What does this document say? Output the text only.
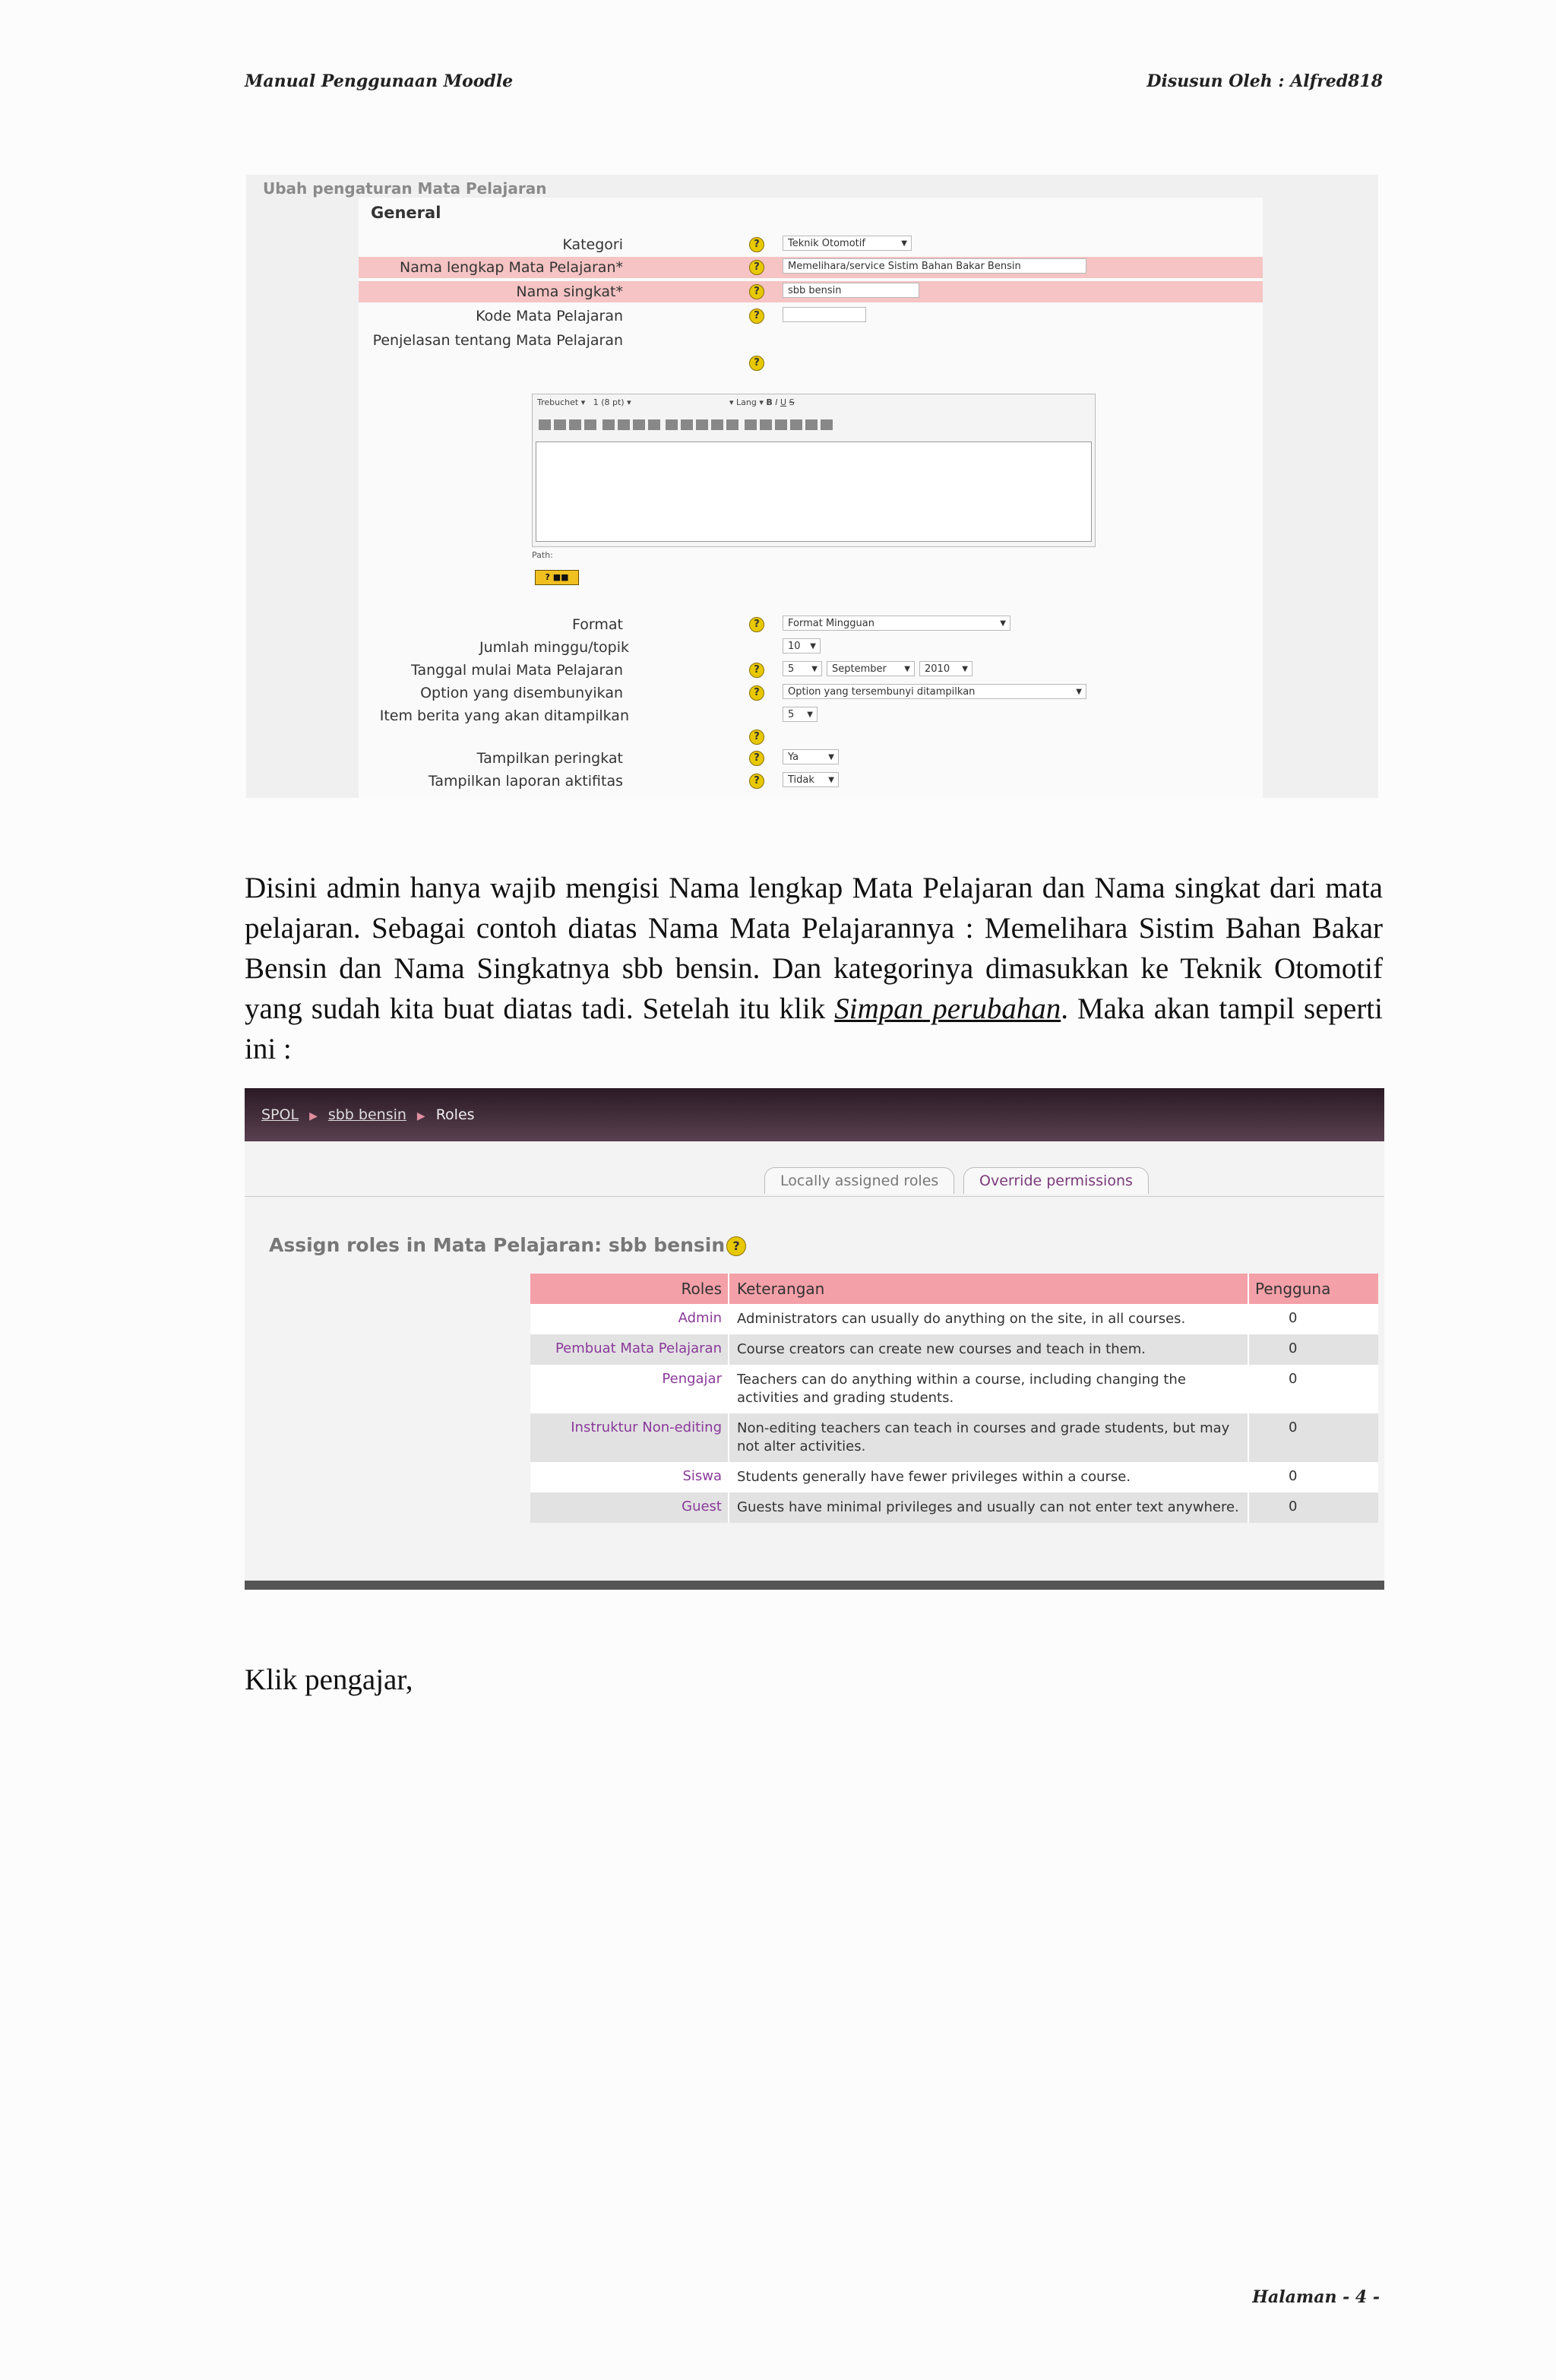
Manual Penggunaan Moodle	Disusun Oleh : Alfred818
Ubah pengaturan Mata Pelajaran
General
Kategori	?	Teknik Otomotif	▼
Nama lengkap Mata Pelajaran*	?	Memelihara/service Sistim Bahan Bakar Bensin
Nama singkat*	?	sbb bensin
Kode Mata Pelajaran	?
Penjelasan tentang Mata Pelajaran
?
Trebuchet ▾   1 (8 pt) ▾                                     ▾ Lang ▾ B I U S

Path:
? ■■
Format	?	Format Mingguan	▼
Jumlah minggu/topik	10 ▼
Tanggal mulai Mata Pelajaran	?	5 ▼	September ▼	2010 ▼
Option yang disembunyikan	?	Option yang tersembunyi ditampilkan	▼
Item berita yang akan ditampilkan	5 ▼
?
Tampilkan peringkat	?	Ya	▼
Tampilkan laporan aktifitas	?	Tidak ▼
Disini admin hanya wajib mengisi Nama lengkap Mata Pelajaran dan Nama singkat dari mata pelajaran. Sebagai contoh diatas Nama Mata Pelajarannya : Memelihara Sistim Bahan Bakar Bensin dan Nama Singkatnya sbb bensin. Dan kategorinya dimasukkan ke Teknik Otomotif yang sudah kita buat diatas tadi. Setelah itu klik Simpan perubahan. Maka akan tampil seperti ini :
SPOL ▶ sbb bensin ▶ Roles
Locally assigned roles	Override permissions
Assign roles in Mata Pelajaran: sbb bensin ?
Roles	Keterangan	Pengguna
Admin	Administrators can usually do anything on the site, in all courses.	0
Pembuat Mata Pelajaran	Course creators can create new courses and teach in them.	0
Pengajar	Teachers can do anything within a course, including changing the activities and grading students.	0
Instruktur Non-editing	Non-editing teachers can teach in courses and grade students, but may not alter activities.	0
Siswa	Students generally have fewer privileges within a course.	0
Guest	Guests have minimal privileges and usually can not enter text anywhere.	0
Klik pengajar,
Halaman - 4 -
